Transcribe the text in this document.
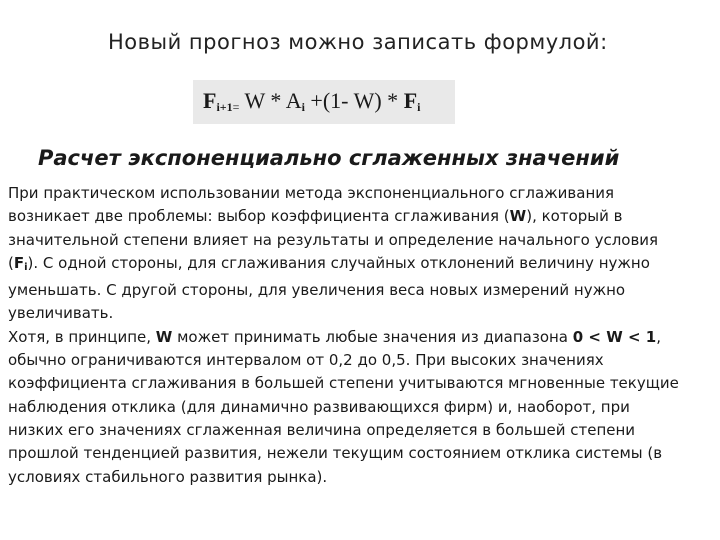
Новый прогноз можно записать формулой:
$F_{i+1}= W * A_i +(1-$ $W) * F_i$
Расчет экспоненциально сглаженных значений
При практическом использовании метода экспоненциального сглаживания
возникает две проблемы: выбор коэффициента сглаживания (W), который в
значительной степени влияет на результаты и определение начального условия
$(F_i)$. С одной стороны, для сглаживания случайных отклонений величину нужно
уменьшать. С другой стороны, для увеличения веса новых измерений нужно
увеличивать.
Хотя, в принципе, W может принимать любые значения из диапазона 0 < W < 1,
обычно ограничиваются интервалом от 0,2 до 0,5. При высоких значениях
коэффициента сглаживания в большей степени учитываются мгновенные текущие
наблюдения отклика (для динамично развивающихся фирм) и, наоборот, при
низких его значениях сглаженная величина определяется в большей степени
прошлой тенденцией развития, нежели текущим состоянием отклика системы (в
условиях стабильного развития рынка).
